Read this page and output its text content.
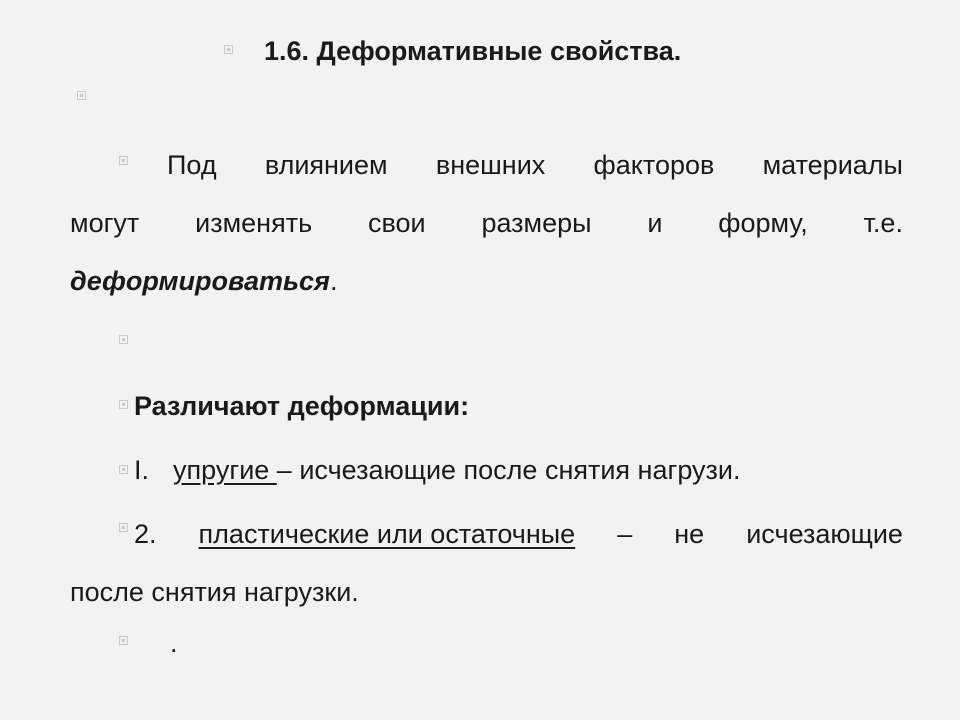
1.6. Деформативные свойства.
Под влиянием внешних факторов материалы
могут изменять свои размеры и форму, т.е.
деформироваться.
Различают деформации:
I. упругие – исчезающие после снятия нагрузи.
2. пластические или остаточные – не исчезающие
после снятия нагрузки.
.
